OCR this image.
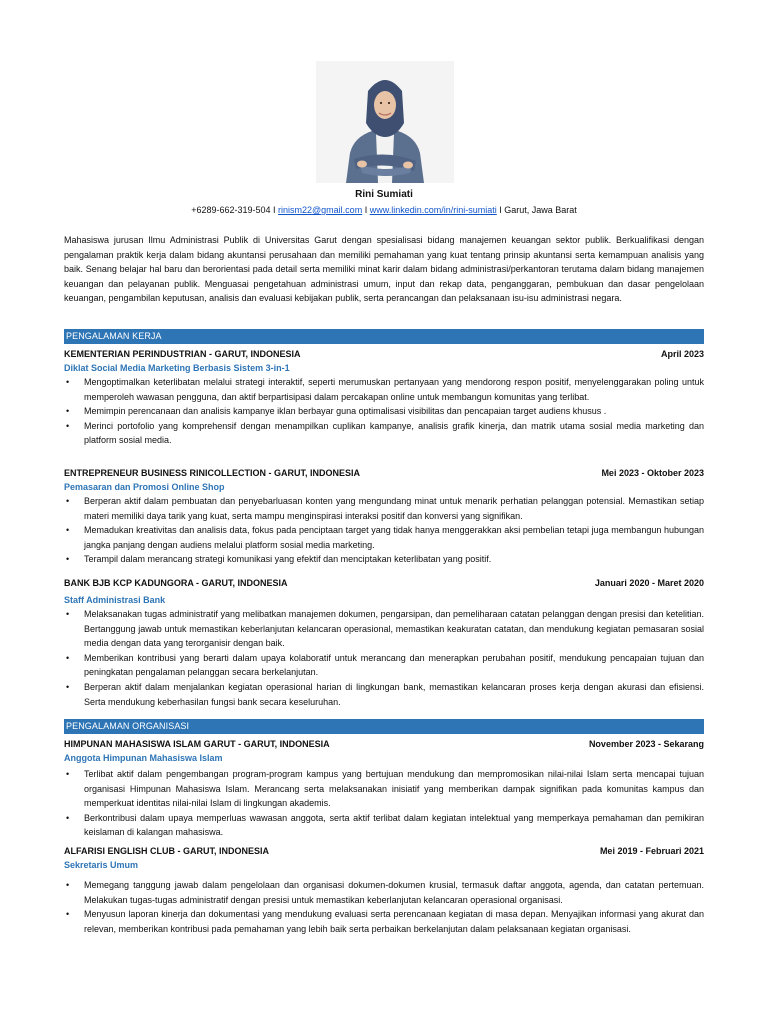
Rini Sumiati
+6289-662-319-504 I rinism22@gmail.com I www.linkedin.com/in/rini-sumiati I Garut, Jawa Barat

Mahasiswa jurusan Ilmu Administrasi Publik di Universitas Garut dengan spesialisasi bidang manajemen keuangan sektor publik. Berkualifikasi dengan pengalaman praktik kerja dalam bidang akuntansi perusahaan dan memiliki pemahaman yang kuat tentang prinsip akuntansi serta kemampuan analisis yang baik. Senang belajar hal baru dan berorientasi pada detail serta memiliki minat karir dalam bidang administrasi/perkantoran terutama dalam bidang manajemen keuangan dan pelayanan publik. Menguasai pengetahuan administrasi umum, input dan rekap data, penganggaran, pembukuan dan dasar pengelolaan keuangan, pengambilan keputusan, analisis dan evaluasi kebijakan publik, serta perancangan dan pelaksanaan isu-isu administrasi negara.

PENGALAMAN KERJA
KEMENTERIAN PERINDUSTRIAN - GARUT, INDONESIA	April 2023
Diklat Social Media Marketing Berbasis Sistem 3-in-1
• Mengoptimalkan keterlibatan melalui strategi interaktif, seperti merumuskan pertanyaan yang mendorong respon positif, menyelenggarakan poling untuk memperoleh wawasan pengguna, dan aktif berpartisipasi dalam percakapan online untuk membangun komunitas yang terlibat.
• Memimpin perencanaan dan analisis kampanye iklan berbayar guna optimalisasi visibilitas dan pencapaian target audiens khusus .
• Merinci portofolio yang komprehensif dengan menampilkan cuplikan kampanye, analisis grafik kinerja, dan matrik utama sosial media marketing dan platform sosial media.
ENTREPRENEUR BUSINESS RINICOLLECTION - GARUT, INDONESIA	Mei 2023 - Oktober 2023
Pemasaran dan Promosi Online Shop
• Berperan aktif dalam pembuatan dan penyebarluasan konten yang mengundang minat untuk menarik perhatian pelanggan potensial. Memastikan setiap materi memiliki daya tarik yang kuat, serta mampu menginspirasi interaksi positif dan konversi yang signifikan.
• Memadukan kreativitas dan analisis data, fokus pada penciptaan target yang tidak hanya menggerakkan aksi pembelian tetapi juga membangun hubungan jangka panjang dengan audiens melalui platform sosial media marketing.
• Terampil dalam merancang strategi komunikasi yang efektif dan menciptakan keterlibatan yang positif.
BANK BJB KCP KADUNGORA - GARUT, INDONESIA	Januari 2020 - Maret 2020
Staff Administrasi Bank
• Melaksanakan tugas administratif yang melibatkan manajemen dokumen, pengarsipan, dan pemeliharaan catatan pelanggan dengan presisi dan ketelitian. Bertanggung jawab untuk memastikan keberlanjutan kelancaran operasional, memastikan keakuratan catatan, dan mendukung kegiatan pemasaran sosial media dengan data yang terorganisir dengan baik.
• Memberikan kontribusi yang berarti dalam upaya kolaboratif untuk merancang dan menerapkan perubahan positif, mendukung pencapaian tujuan dan peningkatan pengalaman pelanggan secara berkelanjutan.
• Berperan aktif dalam menjalankan kegiatan operasional harian di lingkungan bank, memastikan kelancaran proses kerja dengan akurasi dan efisiensi. Serta mendukung keberhasilan fungsi bank secara keseluruhan.
PENGALAMAN ORGANISASI
HIMPUNAN MAHASISWA ISLAM GARUT - GARUT, INDONESIA	November 2023 - Sekarang
Anggota Himpunan Mahasiswa Islam
• Terlibat aktif dalam pengembangan program-program kampus yang bertujuan mendukung dan mempromosikan nilai-nilai Islam serta mencapai tujuan organisasi Himpunan Mahasiswa Islam. Merancang serta melaksanakan inisiatif yang memberikan dampak signifikan pada komunitas kampus dan memperkuat identitas nilai-nilai Islam di lingkungan akademis.
• Berkontribusi dalam upaya memperluas wawasan anggota, serta aktif terlibat dalam kegiatan intelektual yang memperkaya pemahaman dan pemikiran keislaman di kalangan mahasiswa.
ALFARISI ENGLISH CLUB - GARUT, INDONESIA	Mei 2019 - Februari 2021
Sekretaris Umum
• Memegang tanggung jawab dalam pengelolaan dan organisasi dokumen-dokumen krusial, termasuk daftar anggota, agenda, dan catatan pertemuan. Melakukan tugas-tugas administratif dengan presisi untuk memastikan keberlanjutan kelancaran operasional organisasi.
• Menyusun laporan kinerja dan dokumentasi yang mendukung evaluasi serta perencanaan kegiatan di masa depan. Menyajikan informasi yang akurat dan relevan, memberikan kontribusi pada pemahaman yang lebih baik serta perbaikan berkelanjutan dalam pelaksanaan kegiatan organisasi.
